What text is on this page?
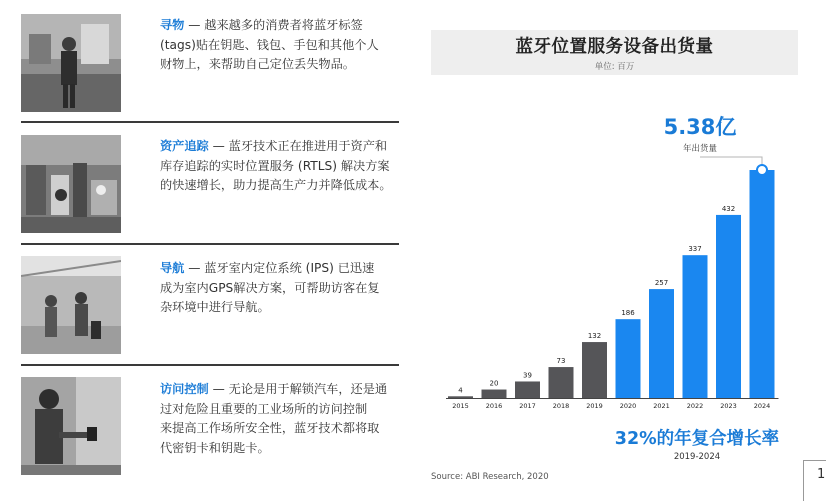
寻物 — 越来越多的消费者将蓝牙标签
(tags)贴在钥匙、钱包、手包和其他个人
财物上，来帮助自己定位丢失物品。
资产追踪 — 蓝牙技术正在推进用于资产和
库存追踪的实时位置服务 (RTLS) 解决方案
的快速增长，助力提高生产力并降低成本。
导航 — 蓝牙室内定位系统 (IPS) 已迅速
成为室内GPS解决方案，可帮助访客在复
杂环境中进行导航。
访问控制 — 无论是用于解锁汽车，还是通
过对危险且重要的工业场所的访问控制
来提高工作场所安全性，蓝牙技术都将取
代密钥卡和钥匙卡。
蓝牙位置服务设备出货量
单位: 百万
4
2015
20
2016
39
2017
73
2018
132
2019
186
2020
257
2021
337
2022
432
2023	2024
5.38亿
年出货量
32%的年复合增长率
2019-2024
Source: ABI Research, 2020	1
